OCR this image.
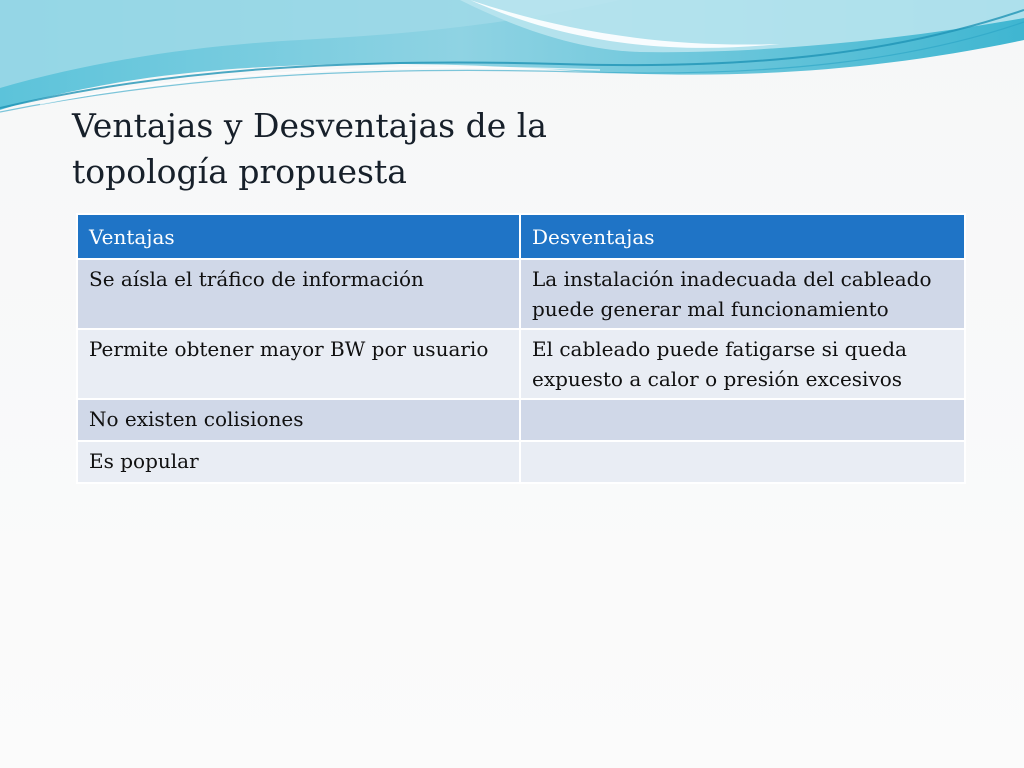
Ventajas y Desventajas de la
topología propuesta
Ventajas	Desventajas
Se aísla el tráfico de información	La instalación inadecuada del cableado puede generar mal funcionamiento
Permite obtener mayor BW por usuario	El cableado puede fatigarse si queda expuesto a calor o presión excesivos
No existen colisiones	
Es popular	
